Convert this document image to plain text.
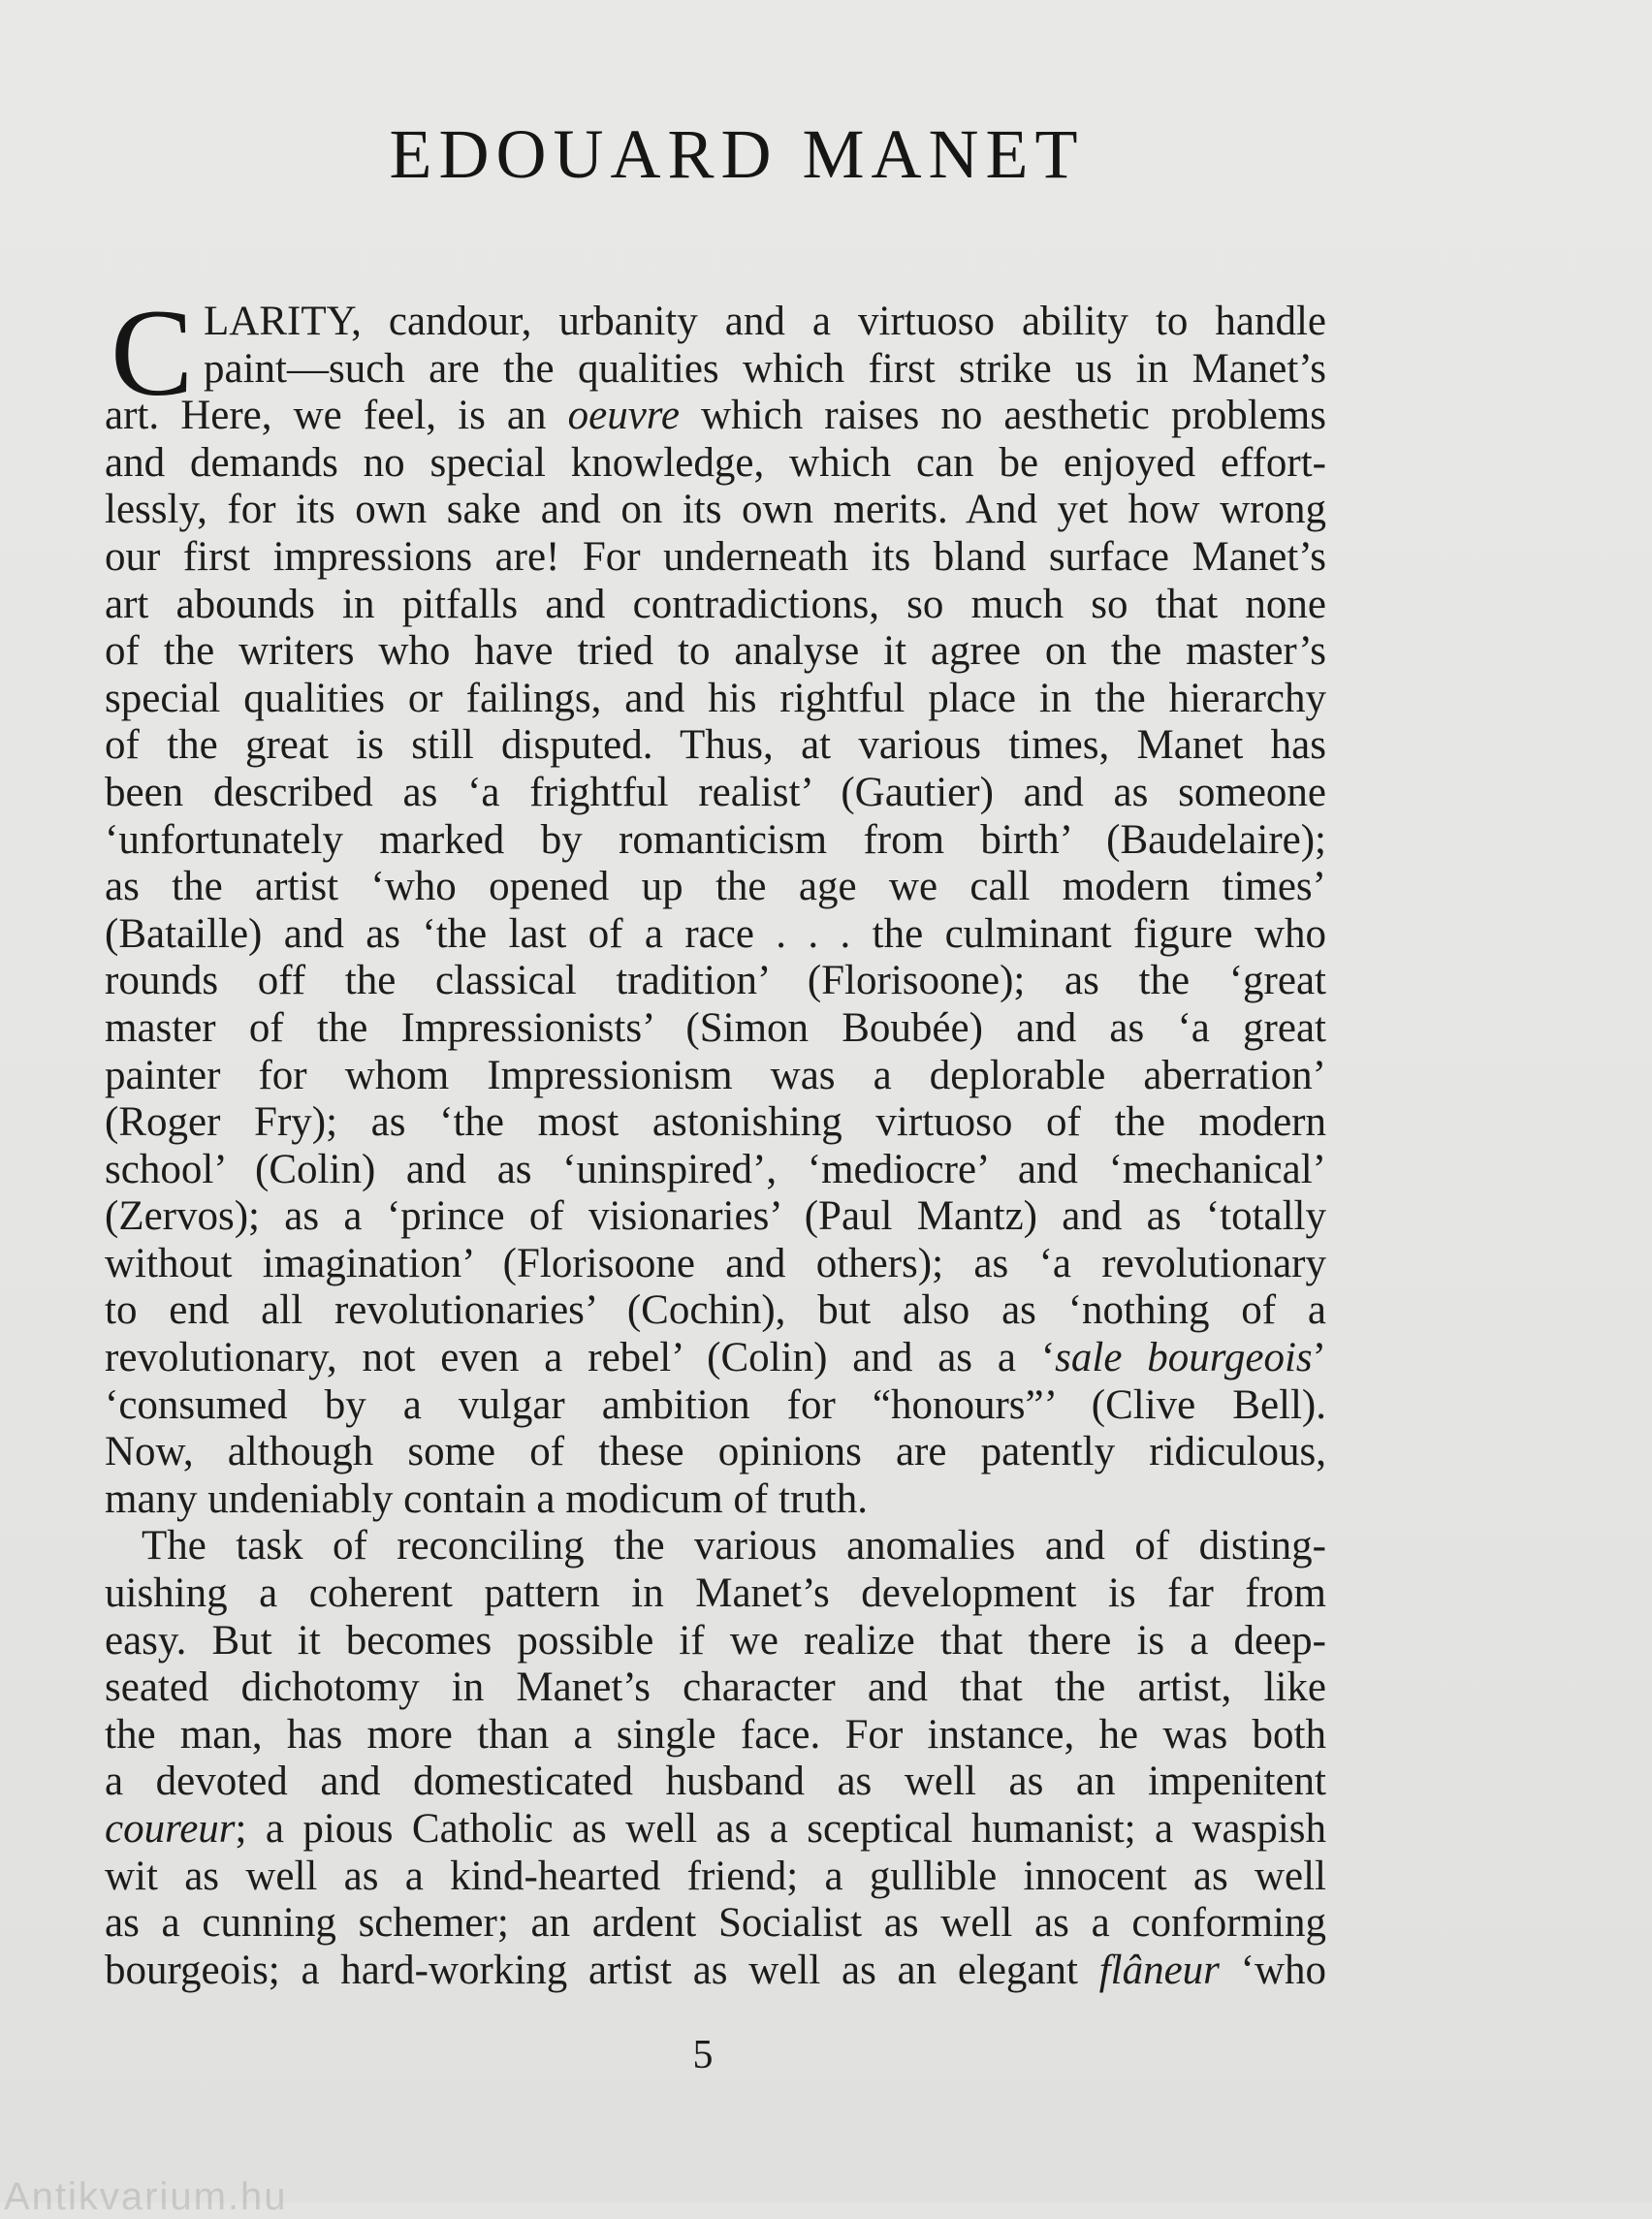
EDOUARD MANET
C LARITY, candour, urbanity and a virtuoso ability to handle
paint—such are the qualities which first strike us in Manet’s
art. Here, we feel, is an oeuvre which raises no aesthetic problems
and demands no special knowledge, which can be enjoyed effort-
lessly, for its own sake and on its own merits. And yet how wrong
our first impressions are! For underneath its bland surface Manet’s
art abounds in pitfalls and contradictions, so much so that none
of the writers who have tried to analyse it agree on the master’s
special qualities or failings, and his rightful place in the hierarchy
of the great is still disputed. Thus, at various times, Manet has
been described as ‘a frightful realist’ (Gautier) and as someone
‘unfortunately marked by romanticism from birth’ (Baudelaire);
as the artist ‘who opened up the age we call modern times’
(Bataille) and as ‘the last of a race . . . the culminant figure who
rounds off the classical tradition’ (Florisoone); as the ‘great
master of the Impressionists’ (Simon Boubée) and as ‘a great
painter for whom Impressionism was a deplorable aberration’
(Roger Fry); as ‘the most astonishing virtuoso of the modern
school’ (Colin) and as ‘uninspired’, ‘mediocre’ and ‘mechanical’
(Zervos); as a ‘prince of visionaries’ (Paul Mantz) and as ‘totally
without imagination’ (Florisoone and others); as ‘a revolutionary
to end all revolutionaries’ (Cochin), but also as ‘nothing of a
revolutionary, not even a rebel’ (Colin) and as a ‘sale bourgeois’
‘consumed by a vulgar ambition for “honours”’ (Clive Bell).
Now, although some of these opinions are patently ridiculous,
many undeniably contain a modicum of truth.
The task of reconciling the various anomalies and of disting-
uishing a coherent pattern in Manet’s development is far from
easy. But it becomes possible if we realize that there is a deep-
seated dichotomy in Manet’s character and that the artist, like
the man, has more than a single face. For instance, he was both
a devoted and domesticated husband as well as an impenitent
coureur; a pious Catholic as well as a sceptical humanist; a waspish
wit as well as a kind-hearted friend; a gullible innocent as well
as a cunning schemer; an ardent Socialist as well as a conforming
bourgeois; a hard-working artist as well as an elegant flâneur ‘who
5
Antikvarium.hu
